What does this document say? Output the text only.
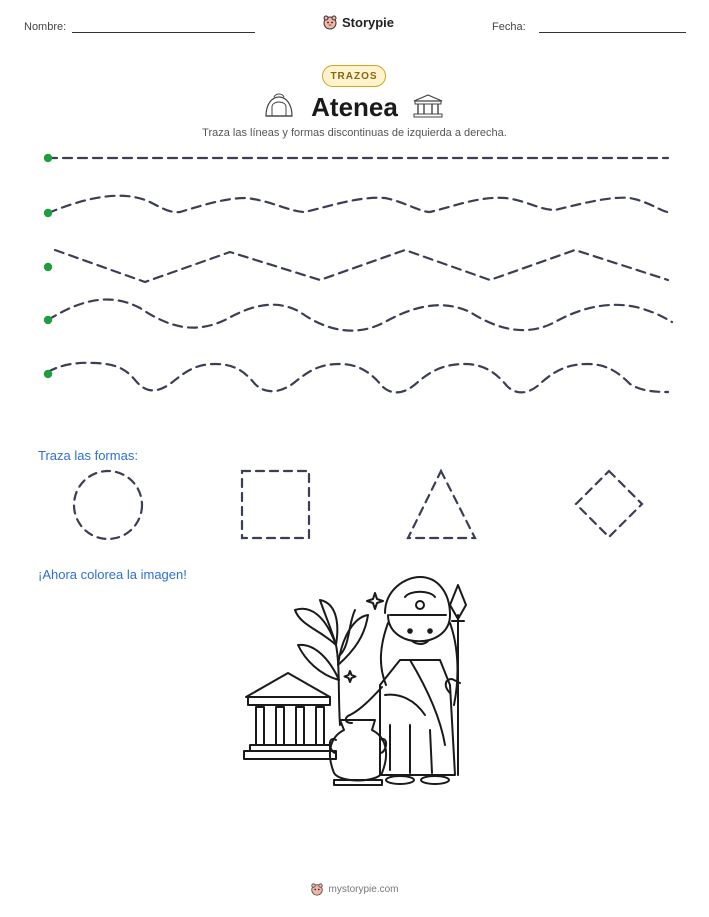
Nombre:	Storypie	Fecha:
TRAZOS
Atenea
Traza las líneas y formas discontinuas de izquierda a derecha.
Traza las formas:
¡Ahora colorea la imagen!
mystorypie.com
